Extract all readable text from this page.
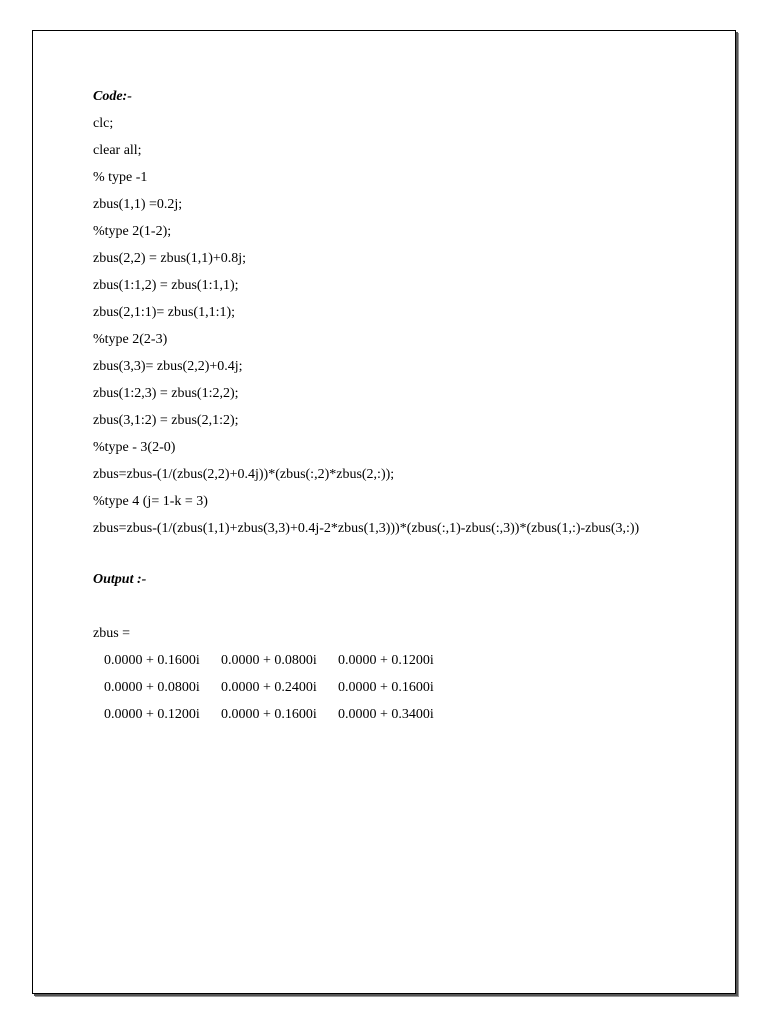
Code:-
clc;
clear all;
% type -1
zbus(1,1) =0.2j;
%type 2(1-2);
zbus(2,2) = zbus(1,1)+0.8j;
zbus(1:1,2) = zbus(1:1,1);
zbus(2,1:1)= zbus(1,1:1);
%type 2(2-3)
zbus(3,3)= zbus(2,2)+0.4j;
zbus(1:2,3) = zbus(1:2,2);
zbus(3,1:2) = zbus(2,1:2);
%type - 3(2-0)
zbus=zbus-(1/(zbus(2,2)+0.4j))*(zbus(:,2)*zbus(2,:));
%type 4 (j= 1-k = 3)
zbus=zbus-(1/(zbus(1,1)+zbus(3,3)+0.4j-2*zbus(1,3)))*(zbus(:,1)-zbus(:,3))*(zbus(1,:)-zbus(3,:))
Output :-
zbus =
0.0000 + 0.1600i	0.0000 + 0.0800i	0.0000 + 0.1200i
0.0000 + 0.0800i	0.0000 + 0.2400i	0.0000 + 0.1600i
0.0000 + 0.1200i	0.0000 + 0.1600i	0.0000 + 0.3400i
